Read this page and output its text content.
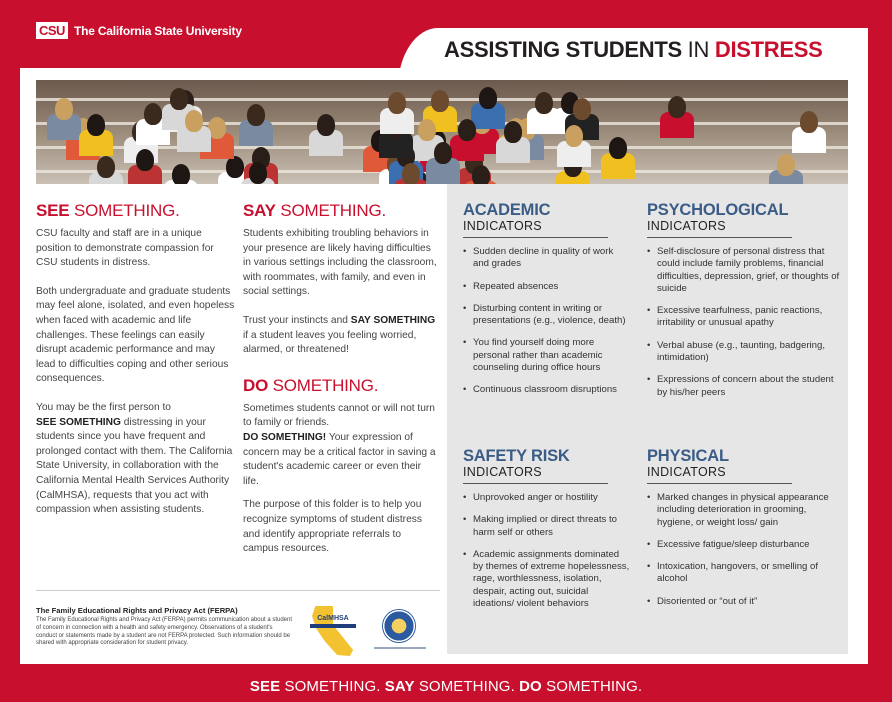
CSU The California State University
ASSISTING STUDENTS IN DISTRESS
SEE SOMETHING.

CSU faculty and staff are in a unique position to demonstrate compassion for CSU students in distress.

Both undergraduate and graduate students may feel alone, isolated, and even hopeless when faced with academic and life challenges. These feelings can easily disrupt academic performance and may lead to difficulties coping and other serious consequences.

You may be the first person to
SEE SOMETHING distressing in your students since you have frequent and prolonged contact with them. The California State University, in collaboration with the California Mental Health Services Authority (CalMHSA), requests that you act with compassion when assisting students.

SAY SOMETHING.

Students exhibiting troubling behaviors in your presence are likely having difficulties in various settings including the classroom, with roommates, with family, and even in social settings.

Trust your instincts and SAY SOMETHING if a student leaves you feeling worried, alarmed, or threatened!

DO SOMETHING.

Sometimes students cannot or will not turn to family or friends.
DO SOMETHING! Your expression of concern may be a critical factor in saving a student's academic career or even their life.

The purpose of this folder is to help you recognize symptoms of student distress and identify appropriate referrals to campus resources.

ACADEMIC
INDICATORS
• Sudden decline in quality of work and grades
• Repeated absences
• Disturbing content in writing or presentations (e.g., violence, death)
• You find yourself doing more personal rather than academic counseling during office hours
• Continuous classroom disruptions
PSYCHOLOGICAL
INDICATORS
• Self-disclosure of personal distress that could include family problems, financial difficulties, depression, grief, or thoughts of suicide
• Excessive tearfulness, panic reactions, irritability or unusual apathy
• Verbal abuse (e.g., taunting, badgering, intimidation)
• Expressions of concern about the student by his/her peers
SAFETY RISK
INDICATORS
• Unprovoked anger or hostility
• Making implied or direct threats to harm self or others
• Academic assignments dominated by themes of extreme hopelessness, rage, worthlessness, isolation, despair, acting out, suicidal ideations/ violent behaviors
PHYSICAL
INDICATORS
• Marked changes in physical appearance including deterioration in grooming, hygiene, or weight loss/ gain
• Excessive fatigue/sleep disturbance
• Intoxication, hangovers, or smelling of alcohol
• Disoriented or “out of it”
The Family Educational Rights and Privacy Act (FERPA)
The Family Educational Rights and Privacy Act (FERPA) permits communication about a student of concern in connection with a health and safety emergency. Observations of a student's conduct or statements made by a student are not FERPA protected. Such information should be shared with appropriate consideration for student privacy.
CalMHSA
SEE SOMETHING. SAY SOMETHING. DO SOMETHING.
